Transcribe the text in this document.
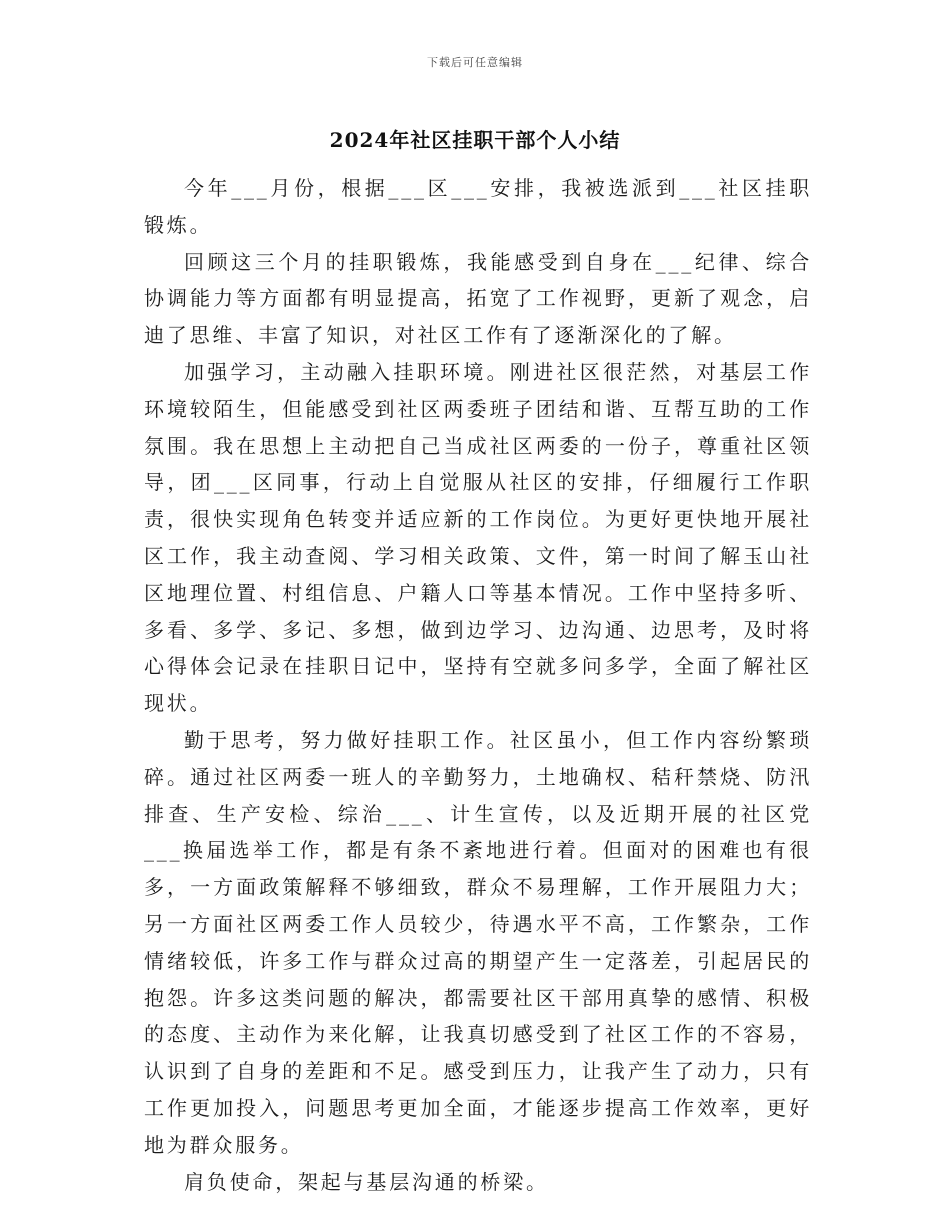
下载后可任意编辑
2024年社区挂职干部个人小结

今年___月份，根据___区___安排，我被选派到___社区挂职锻炼。

回顾这三个月的挂职锻炼，我能感受到自身在___纪律、综合协调能力等方面都有明显提高，拓宽了工作视野，更新了观念，启迪了思维、丰富了知识，对社区工作有了逐渐深化的了解。

加强学习，主动融入挂职环境。刚进社区很茫然，对基层工作环境较陌生，但能感受到社区两委班子团结和谐、互帮互助的工作氛围。我在思想上主动把自己当成社区两委的一份子，尊重社区领导，团___区同事，行动上自觉服从社区的安排，仔细履行工作职责，很快实现角色转变并适应新的工作岗位。为更好更快地开展社区工作，我主动查阅、学习相关政策、文件，第一时间了解玉山社区地理位置、村组信息、户籍人口等基本情况。工作中坚持多听、多看、多学、多记、多想，做到边学习、边沟通、边思考，及时将心得体会记录在挂职日记中，坚持有空就多问多学，全面了解社区现状。

勤于思考，努力做好挂职工作。社区虽小，但工作内容纷繁琐碎。通过社区两委一班人的辛勤努力，土地确权、秸秆禁烧、防汛排查、生产安检、综治___、计生宣传，以及近期开展的社区党___换届选举工作，都是有条不紊地进行着。但面对的困难也有很多，一方面政策解释不够细致，群众不易理解，工作开展阻力大；另一方面社区两委工作人员较少，待遇水平不高，工作繁杂，工作情绪较低，许多工作与群众过高的期望产生一定落差，引起居民的抱怨。许多这类问题的解决，都需要社区干部用真挚的感情、积极的态度、主动作为来化解，让我真切感受到了社区工作的不容易，认识到了自身的差距和不足。感受到压力，让我产生了动力，只有工作更加投入，问题思考更加全面，才能逐步提高工作效率，更好地为群众服务。

肩负使命，架起与基层沟通的桥梁。
